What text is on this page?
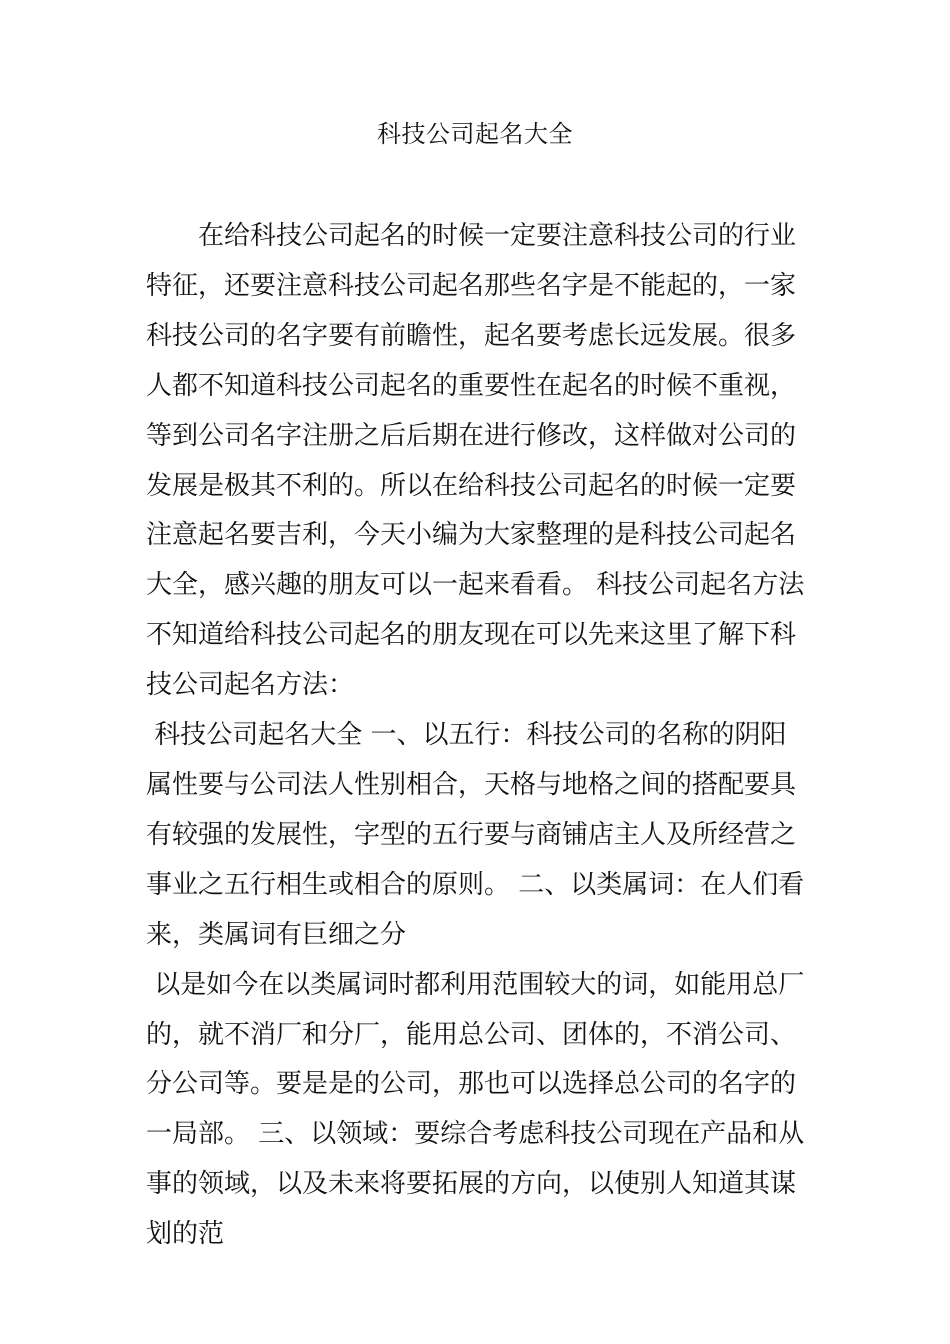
科技公司起名大全

在给科技公司起名的时候一定要注意科技公司的行业特征，还要注意科技公司起名那些名字是不能起的，一家科技公司的名字要有前瞻性，起名要考虑长远发展。很多人都不知道科技公司起名的重要性在起名的时候不重视，等到公司名字注册之后后期在进行修改，这样做对公司的发展是极其不利的。所以在给科技公司起名的时候一定要注意起名要吉利，今天小编为大家整理的是科技公司起名大全，感兴趣的朋友可以一起来看看。 科技公司起名方法不知道给科技公司起名的朋友现在可以先来这里了解下科技公司起名方法：

科技公司起名大全 一、以五行：科技公司的名称的阴阳属性要与公司法人性别相合，天格与地格之间的搭配要具有较强的发展性，字型的五行要与商铺店主人及所经营之事业之五行相生或相合的原则。 二、以类属词：在人们看来，类属词有巨细之分

以是如今在以类属词时都利用范围较大的词，如能用总厂的，就不消厂和分厂，能用总公司、团体的，不消公司、分公司等。要是是的公司，那也可以选择总公司的名字的一局部。 三、以领域：要综合考虑科技公司现在产品和从事的领域，以及未来将要拓展的方向，以使别人知道其谋划的范
